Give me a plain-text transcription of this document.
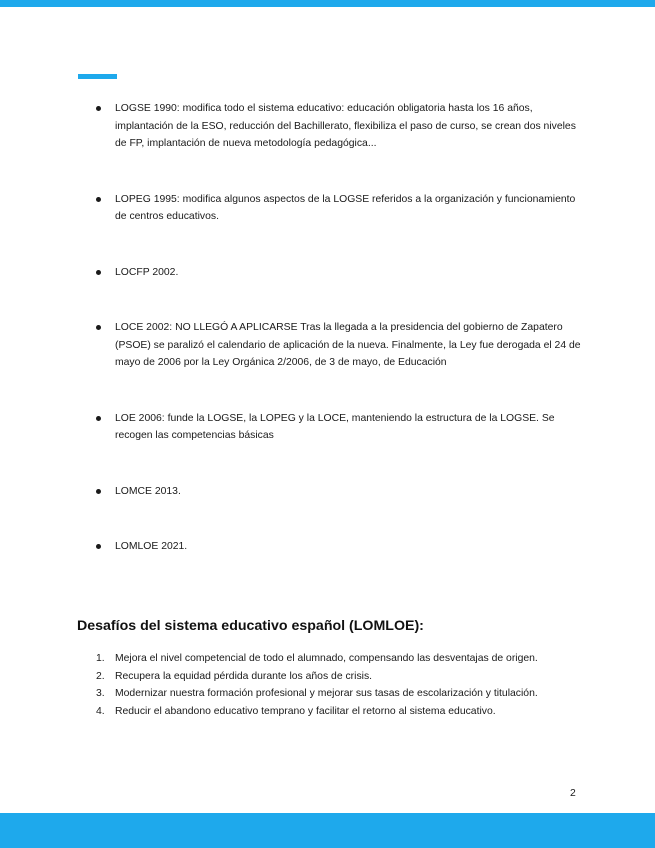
LOGSE 1990: modifica todo el sistema educativo: educación obligatoria hasta los 16 años, implantación de la ESO, reducción del Bachillerato, flexibiliza el paso de curso, se crean dos niveles de FP, implantación de nueva metodología pedagógica...
LOPEG 1995: modifica algunos aspectos de la LOGSE referidos a la organización y funcionamiento de centros educativos.
LOCFP 2002.
LOCE 2002: NO LLEGÓ A APLICARSE Tras la llegada a la presidencia del gobierno de Zapatero (PSOE) se paralizó el calendario de aplicación de la nueva. Finalmente, la Ley fue derogada el 24 de mayo de 2006 por la Ley Orgánica 2/2006, de 3 de mayo, de Educación
LOE 2006: funde la LOGSE, la LOPEG y la LOCE, manteniendo la estructura de la LOGSE. Se recogen las competencias básicas
LOMCE 2013.
LOMLOE 2021.
Desafíos del sistema educativo español (LOMLOE):
1. Mejora el nivel competencial de todo el alumnado, compensando las desventajas de origen.
2. Recupera la equidad pérdida durante los años de crisis.
3. Modernizar nuestra formación profesional y mejorar sus tasas de escolarización y titulación.
4. Reducir el abandono educativo temprano y facilitar el retorno al sistema educativo.
2
